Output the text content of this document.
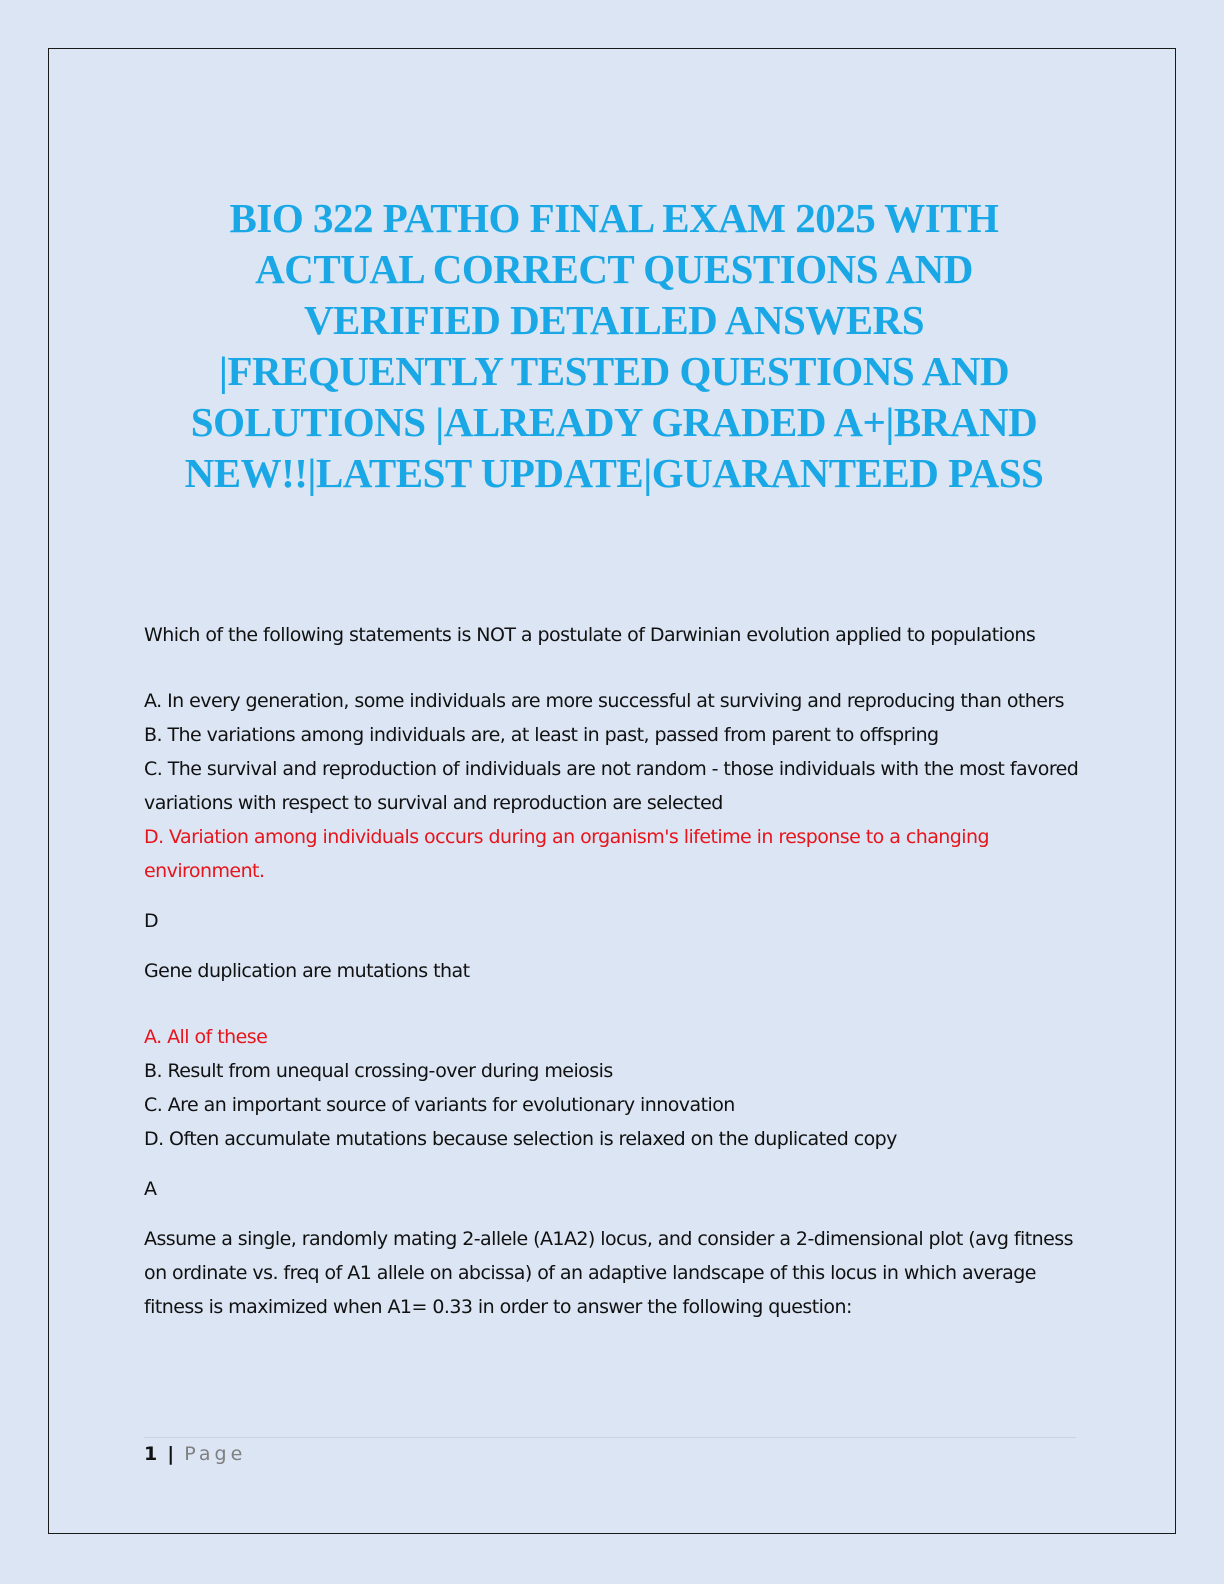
BIO 322 PATHO FINAL EXAM 2025 WITH
ACTUAL CORRECT QUESTIONS AND
VERIFIED DETAILED ANSWERS
|FREQUENTLY TESTED QUESTIONS AND
SOLUTIONS |ALREADY GRADED A+|BRAND
NEW!!|LATEST UPDATE|GUARANTEED PASS

Which of the following statements is NOT a postulate of Darwinian evolution applied to populations

A. In every generation, some individuals are more successful at surviving and reproducing than others

B. The variations among individuals are, at least in past, passed from parent to offspring

C. The survival and reproduction of individuals are not random - those individuals with the most favored variations with respect to survival and reproduction are selected

D. Variation among individuals occurs during an organism's lifetime in response to a changing environment.

D

Gene duplication are mutations that

A. All of these

B. Result from unequal crossing-over during meiosis

C. Are an important source of variants for evolutionary innovation

D. Often accumulate mutations because selection is relaxed on the duplicated copy

A

Assume a single, randomly mating 2-allele (A1A2) locus, and consider a 2-dimensional plot (avg fitness on ordinate vs. freq of A1 allele on abcissa) of an adaptive landscape of this locus in which average fitness is maximized when A1= 0.33 in order to answer the following question:

1 | Page
